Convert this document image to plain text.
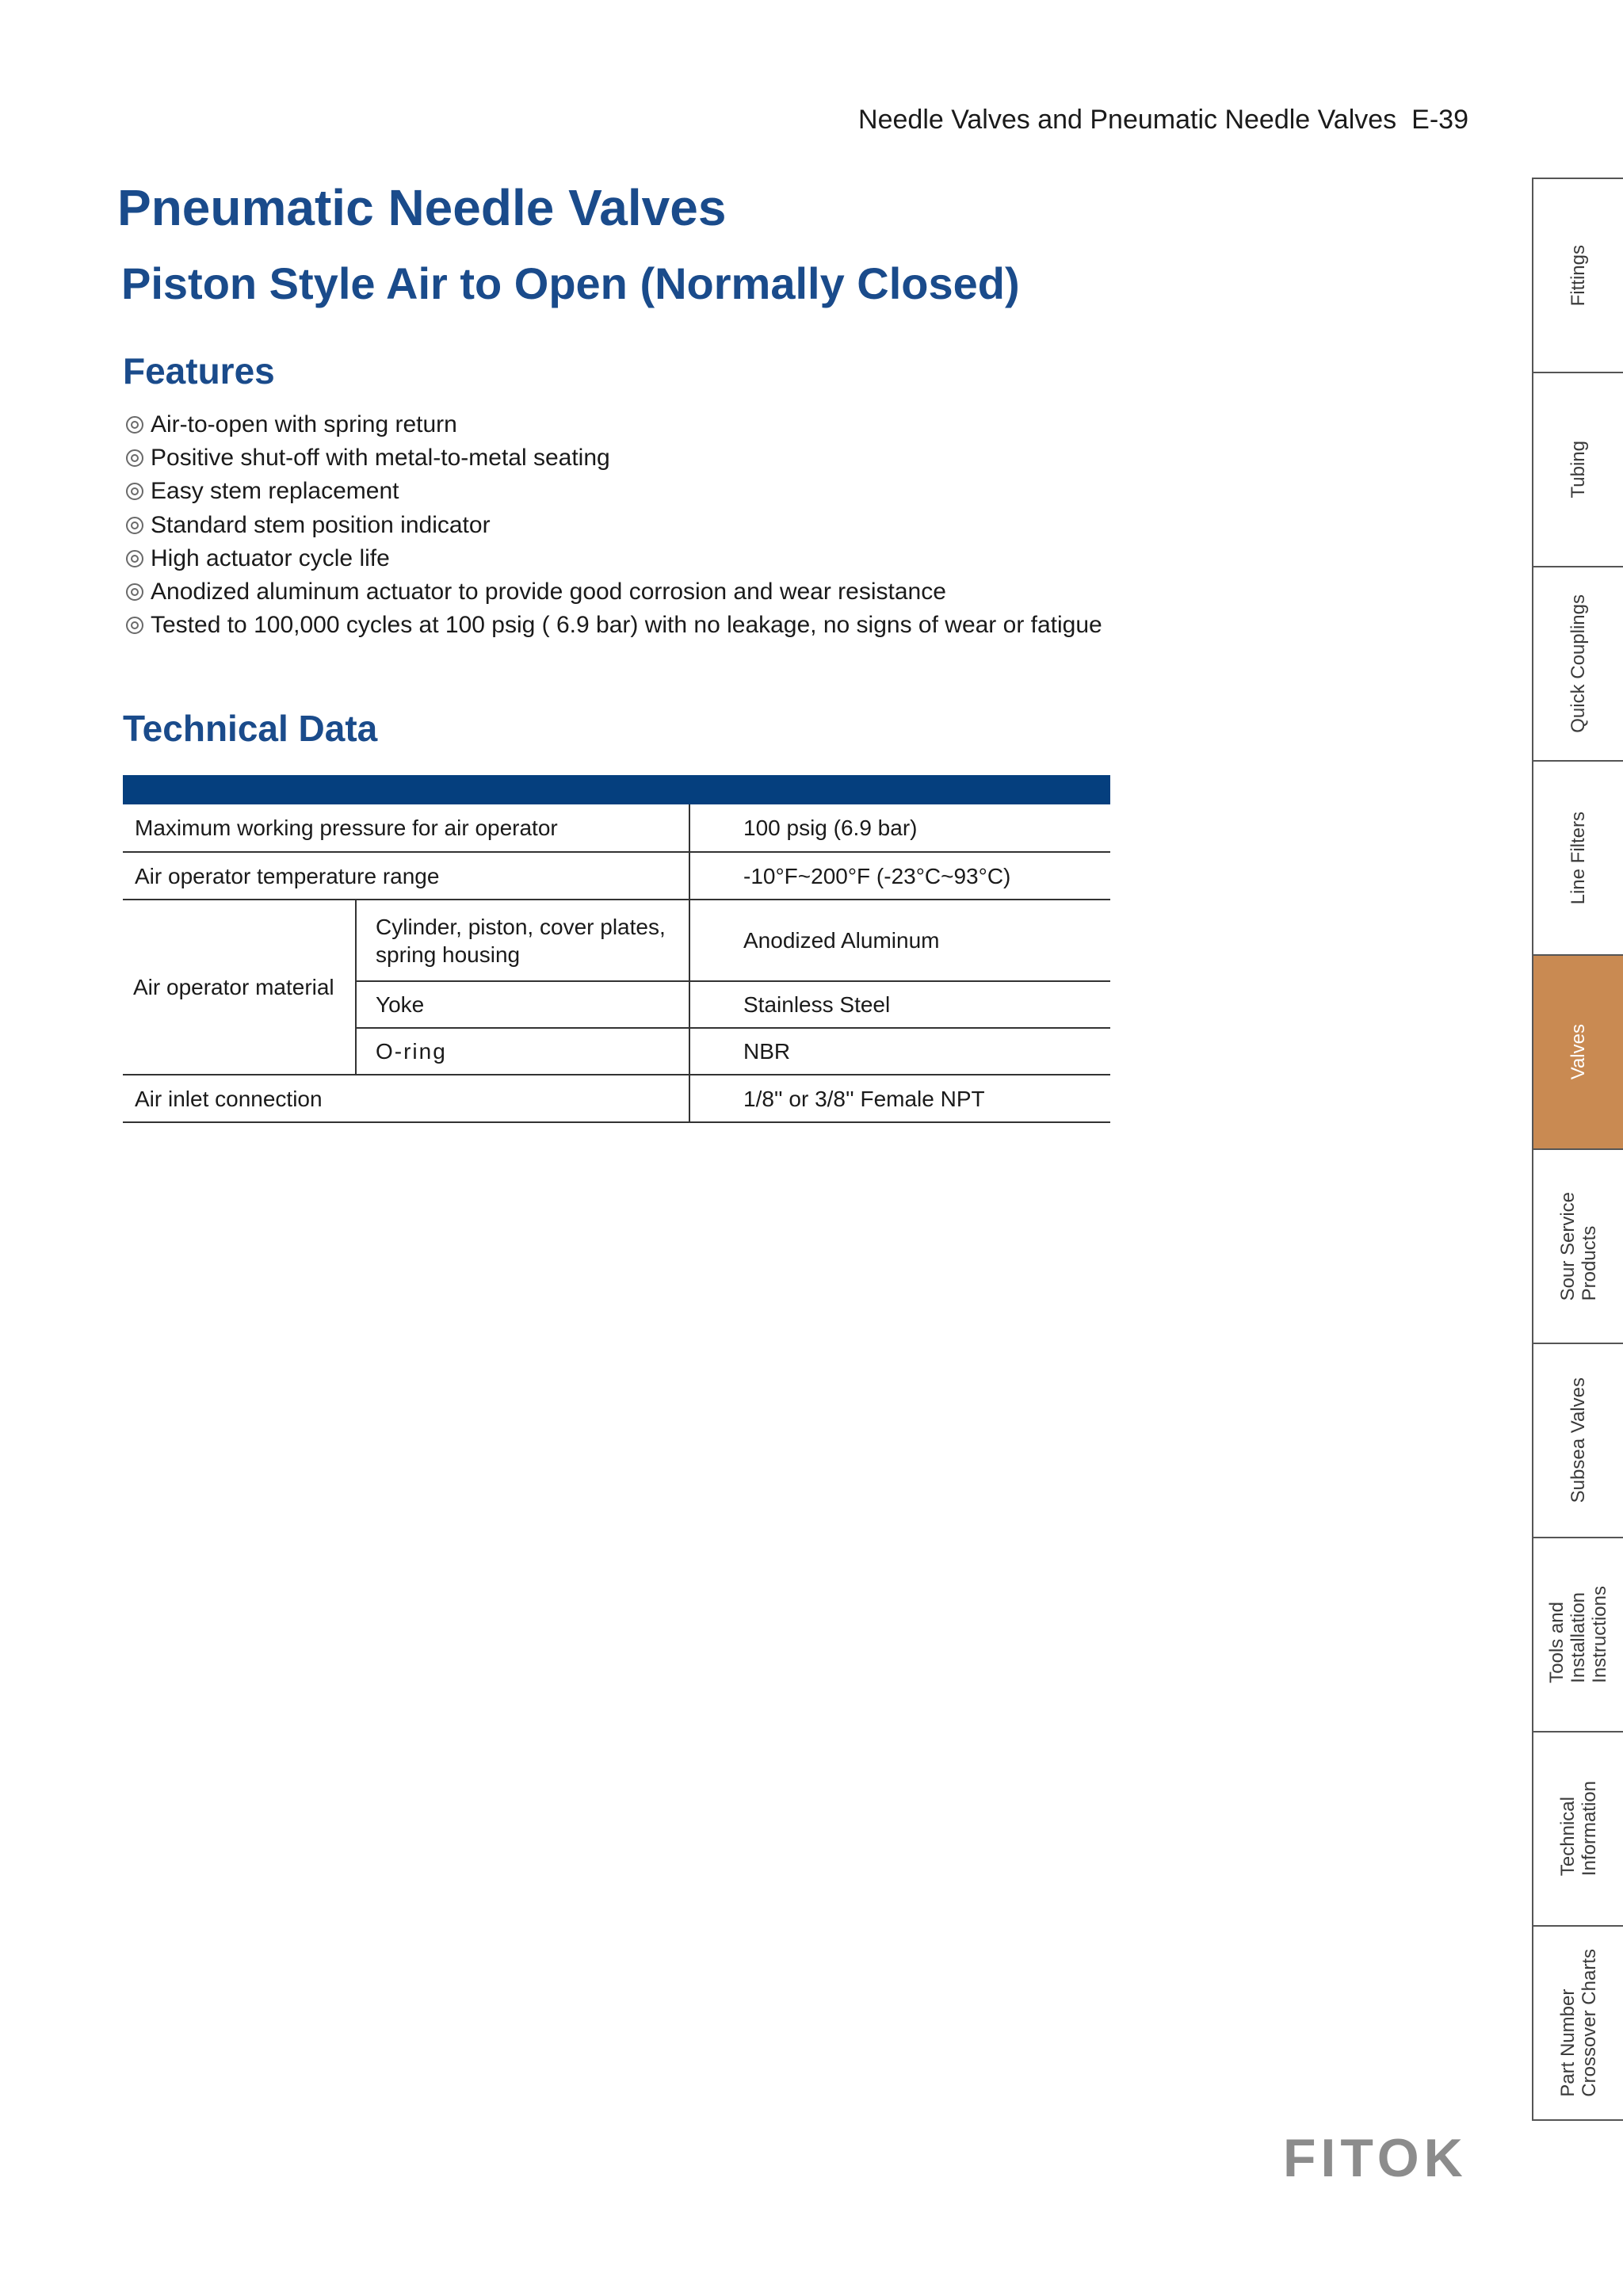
Needle Valves and Pneumatic Needle Valves E-39
Pneumatic Needle Valves
Piston Style Air to Open (Normally Closed)
Features
Air-to-open with spring return
Positive shut-off with metal-to-metal seating
Easy stem replacement
Standard stem position indicator
High actuator cycle life
Anodized aluminum actuator to provide good corrosion and wear resistance
Tested to 100,000 cycles at 100 psig ( 6.9 bar) with no leakage, no signs of wear or fatigue
Technical Data

Maximum working pressure for air operator		100 psig (6.9 bar)
Air operator temperature range		-10°F~200°F (-23°C~93°C)
Air operator material	Cylinder, piston, cover plates, spring housing	Anodized Aluminum
	Yoke	Stainless Steel
	O-ring	NBR
Air inlet connection		1/8'' or 3/8'' Female NPT
Fittings
Tubing
Quick Couplings
Line Filters
Valves
Sour Service Products
Subsea Valves
Tools and Installation Instructions
Technical Information
Part Number Crossover Charts
FITOK
